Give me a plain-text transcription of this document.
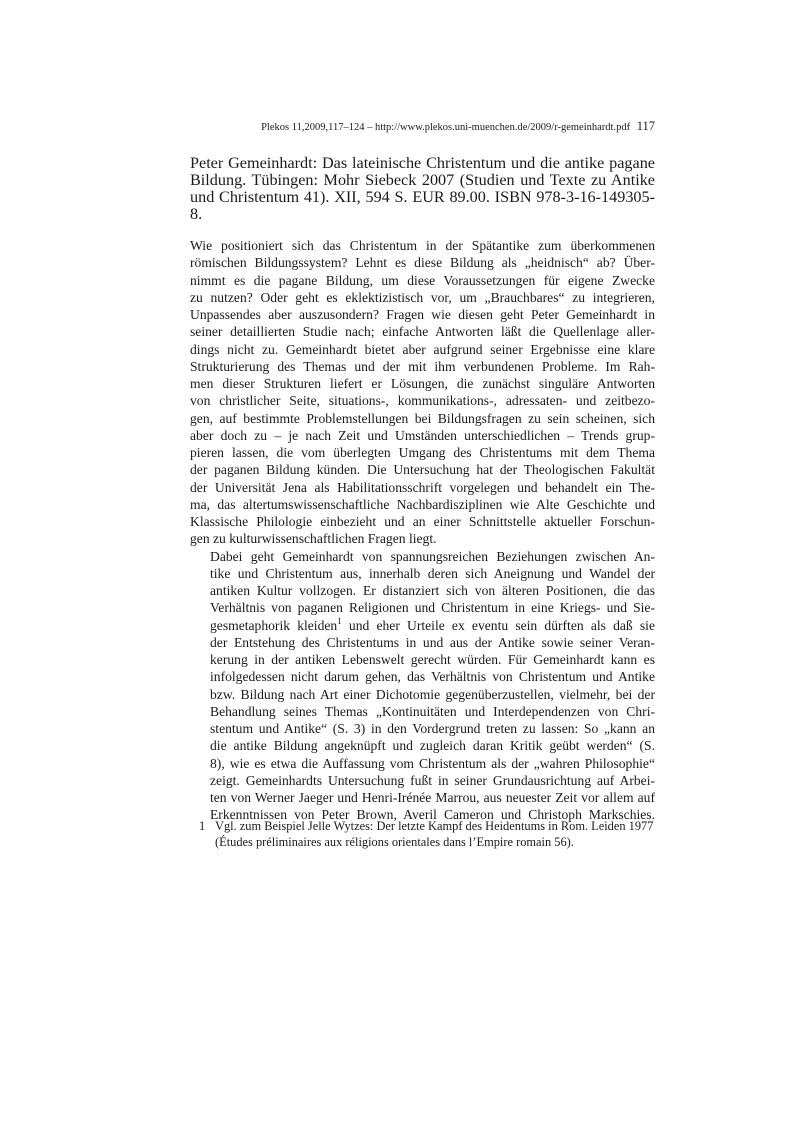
Plekos 11,2009,117–124 – http://www.plekos.uni-muenchen.de/2009/r-gemeinhardt.pdf 117
Peter Gemeinhardt: Das lateinische Christentum und die antike pagane Bildung. Tübingen: Mohr Siebeck 2007 (Studien und Texte zu Antike und Christentum 41). XII, 594 S. EUR 89.00. ISBN 978-3-16-149305-8.

Wie positioniert sich das Christentum in der Spätantike zum überkommenen
römischen Bildungssystem? Lehnt es diese Bildung als „heidnisch“ ab? Über-
nimmt es die pagane Bildung, um diese Voraussetzungen für eigene Zwecke
zu nutzen? Oder geht es eklektizistisch vor, um „Brauchbares“ zu integrieren,
Unpassendes aber auszusondern? Fragen wie diesen geht Peter Gemeinhardt in
seiner detaillierten Studie nach; einfache Antworten läßt die Quellenlage aller-
dings nicht zu. Gemeinhardt bietet aber aufgrund seiner Ergebnisse eine klare
Strukturierung des Themas und der mit ihm verbundenen Probleme. Im Rah-
men dieser Strukturen liefert er Lösungen, die zunächst singuläre Antworten
von christlicher Seite, situations-, kommunikations-, adressaten- und zeitbezo-
gen, auf bestimmte Problemstellungen bei Bildungsfragen zu sein scheinen, sich
aber doch zu – je nach Zeit und Umständen unterschiedlichen – Trends grup-
pieren lassen, die vom überlegten Umgang des Christentums mit dem Thema
der paganen Bildung künden. Die Untersuchung hat der Theologischen Fakultät
der Universität Jena als Habilitationsschrift vorgelegen und behandelt ein The-
ma, das altertumswissenschaftliche Nachbardisziplinen wie Alte Geschichte und
Klassische Philologie einbezieht und an einer Schnittstelle aktueller Forschun-
gen zu kulturwissenschaftlichen Fragen liegt.

Dabei geht Gemeinhardt von spannungsreichen Beziehungen zwischen An-
tike und Christentum aus, innerhalb deren sich Aneignung und Wandel der
antiken Kultur vollzogen. Er distanziert sich von älteren Positionen, die das
Verhältnis von paganen Religionen und Christentum in eine Kriegs- und Sie-
gesmetaphorik kleiden$^1$ und eher Urteile ex eventu sein dürften als daß sie
der Entstehung des Christentums in und aus der Antike sowie seiner Veran-
kerung in der antiken Lebenswelt gerecht würden. Für Gemeinhardt kann es
infolgedessen nicht darum gehen, das Verhältnis von Christentum und Antike
bzw. Bildung nach Art einer Dichotomie gegenüberzustellen, vielmehr, bei der
Behandlung seines Themas „Kontinuitäten und Interdependenzen von Chri-
stentum und Antike“ (S. 3) in den Vordergrund treten zu lassen: So „kann an
die antike Bildung angeknüpft und zugleich daran Kritik geübt werden“ (S.
8), wie es etwa die Auffassung vom Christentum als der „wahren Philosophie“
zeigt. Gemeinhardts Untersuchung fußt in seiner Grundausrichtung auf Arbei-
ten von Werner Jaeger und Henri-Irénée Marrou, aus neuester Zeit vor allem auf
Erkenntnissen von Peter Brown, Averil Cameron und Christoph Markschies.

1 Vgl. zum Beispiel Jelle Wytzes: Der letzte Kampf des Heidentums in Rom. Leiden 1977 (Études préliminaires aux réligions orientales dans l’Empire romain 56).
